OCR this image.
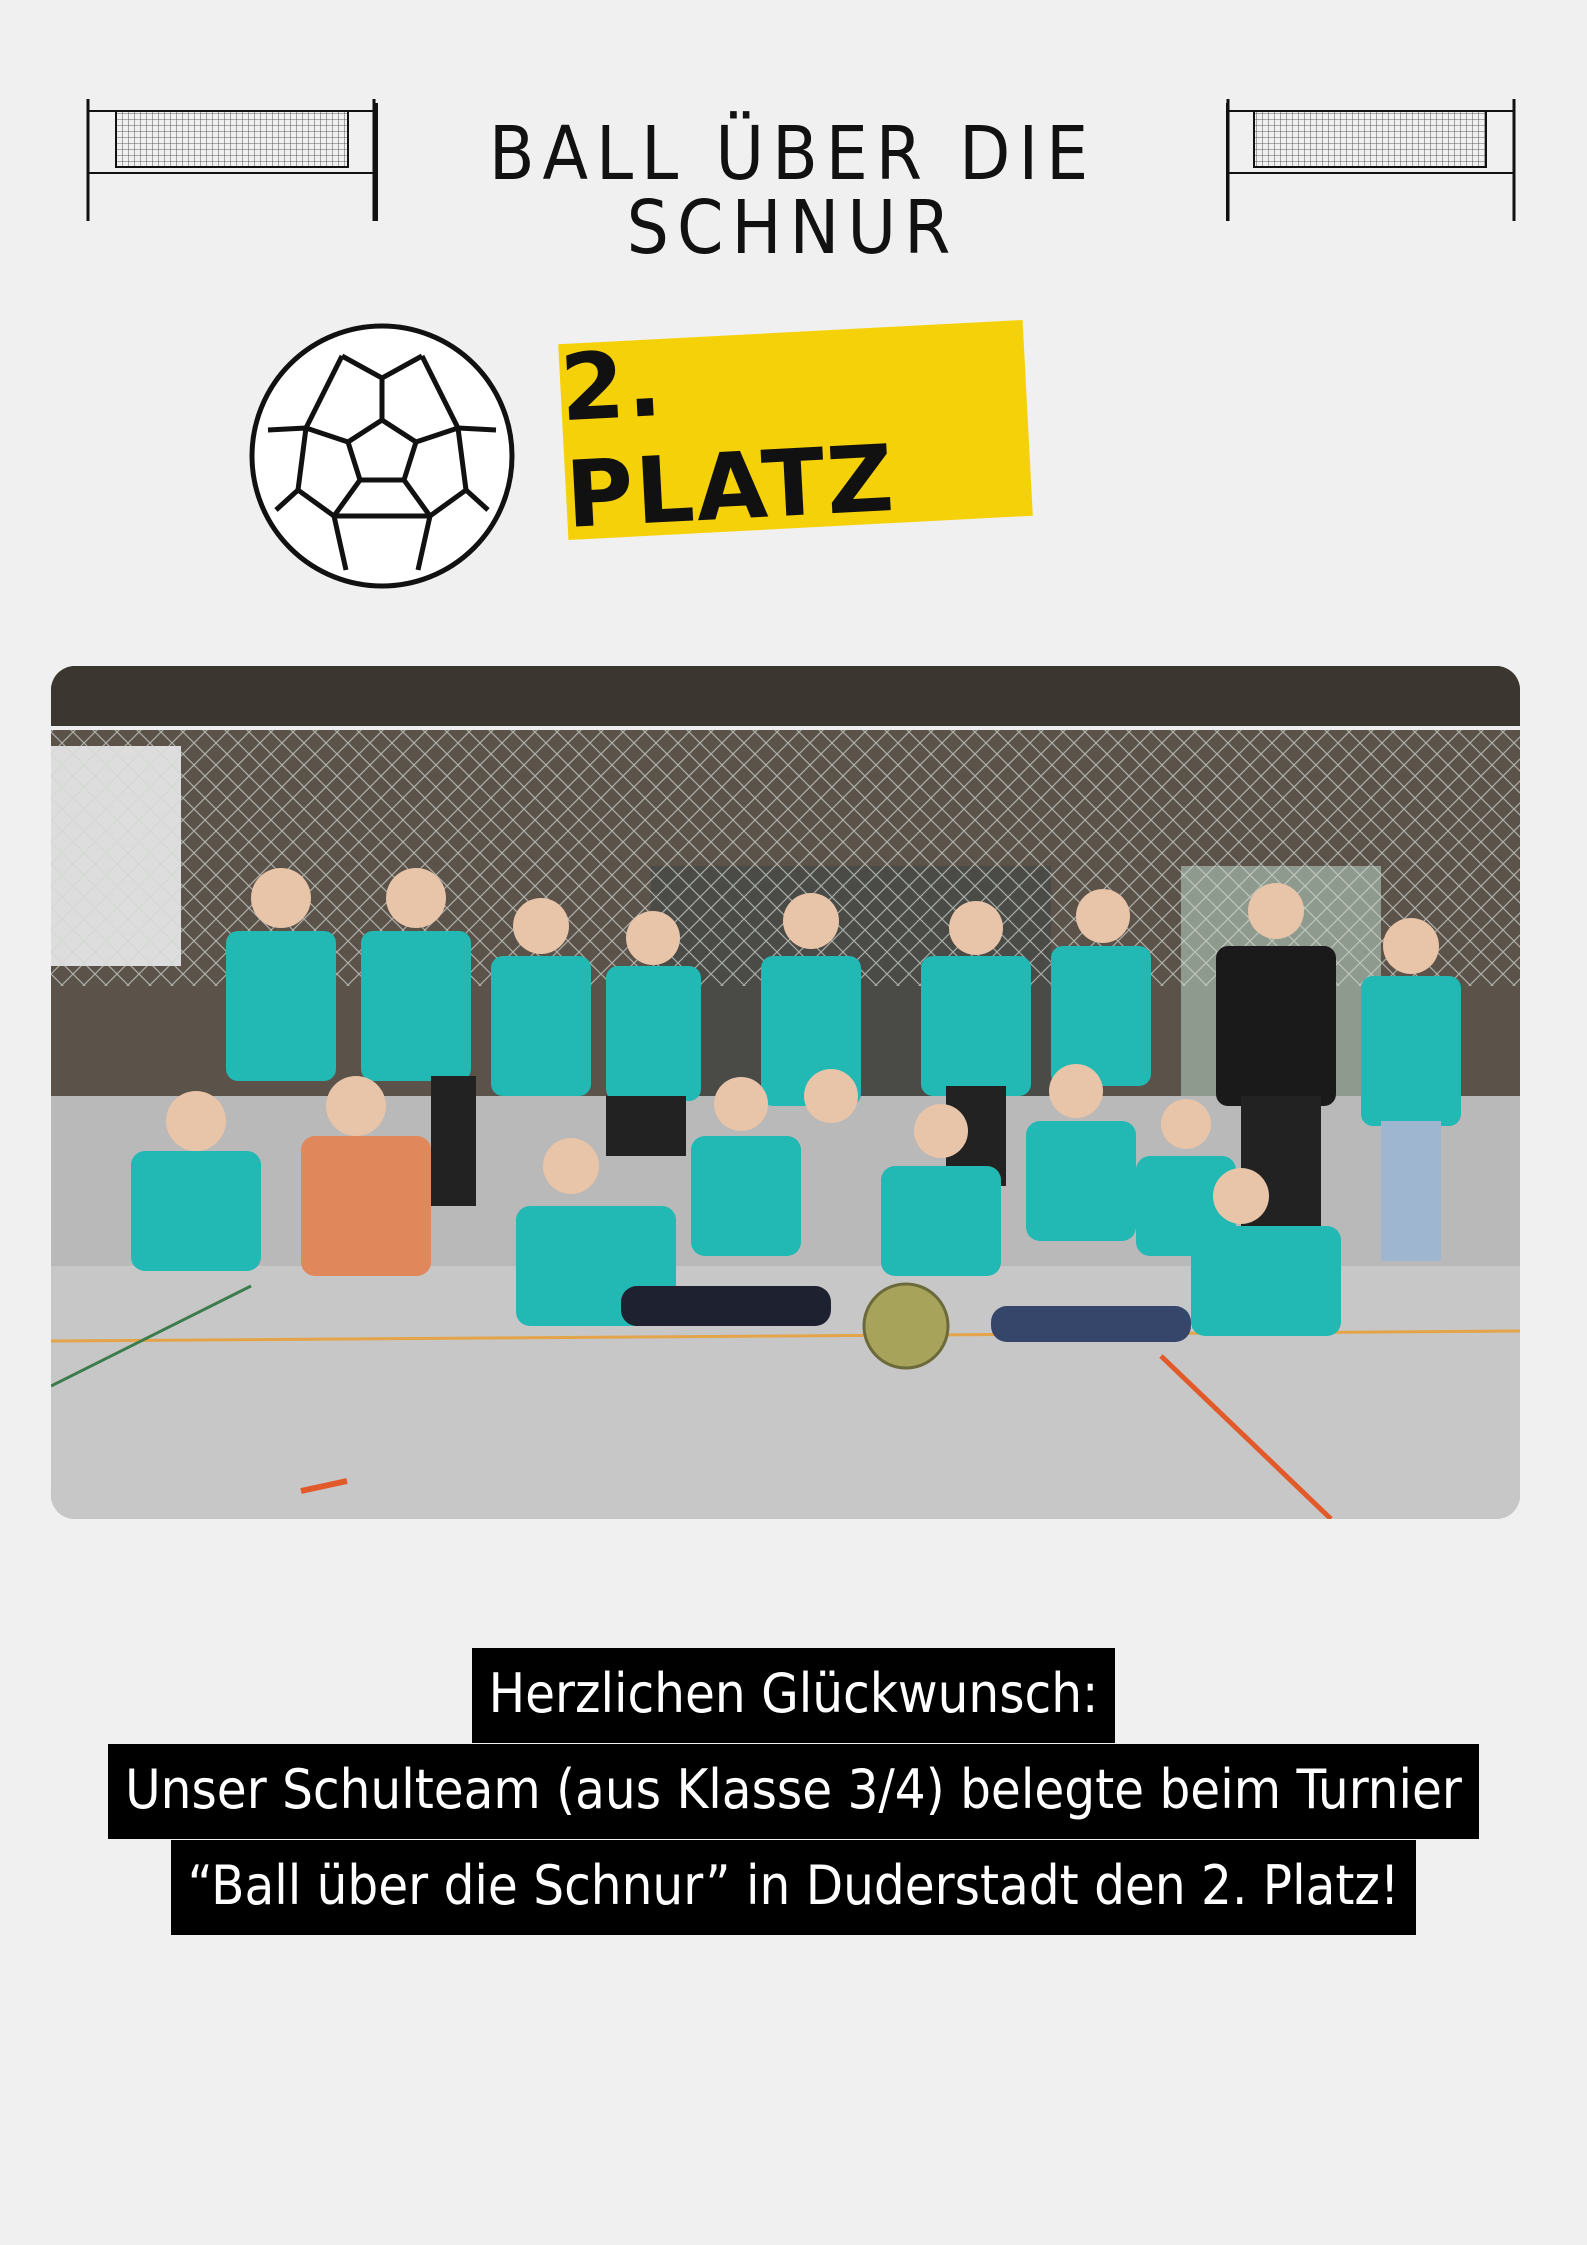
BALL ÜBER DIE SCHNUR
2. PLATZ
Herzlichen Glückwunsch:
Unser Schulteam (aus Klasse 3/4) belegte beim Turnier
“Ball über die Schnur” in Duderstadt den 2. Platz!
